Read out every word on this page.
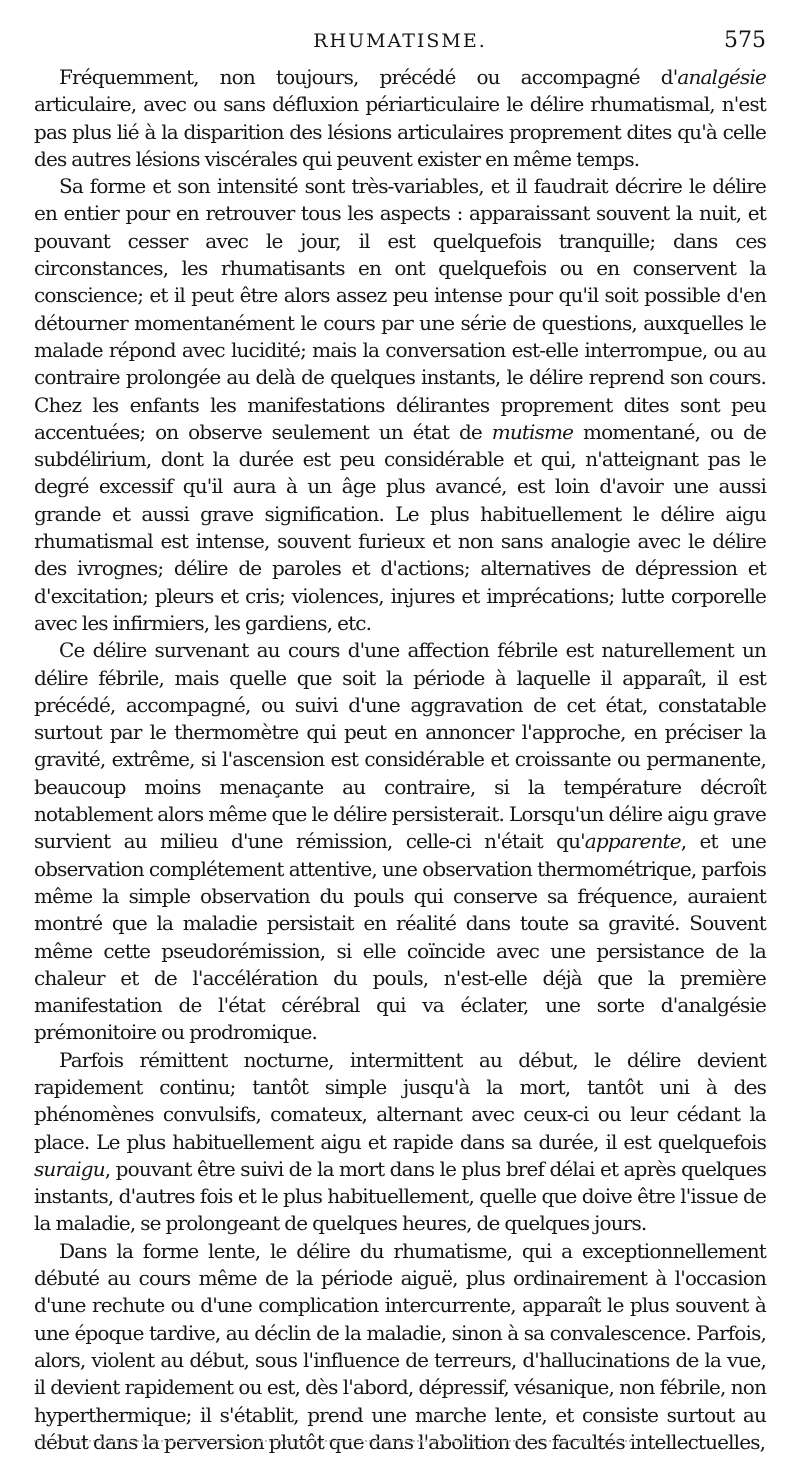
RHUMATISME.	575

Fréquemment, non toujours, précédé ou accompagné d'analgésie articulaire, avec ou sans défluxion périarticulaire le délire rhumatismal, n'est pas plus lié à la disparition des lésions articulaires proprement dites qu'à celle des autres lésions viscérales qui peuvent exister en même temps.

Sa forme et son intensité sont très-variables, et il faudrait décrire le délire en entier pour en retrouver tous les aspects : apparaissant souvent la nuit, et pouvant cesser avec le jour, il est quelquefois tranquille; dans ces circonstances, les rhumatisants en ont quelquefois ou en conservent la conscience; et il peut être alors assez peu intense pour qu'il soit possible d'en détourner momentanément le cours par une série de questions, auxquelles le malade répond avec lucidité; mais la conversation est-elle interrompue, ou au contraire prolongée au delà de quelques instants, le délire reprend son cours. Chez les enfants les manifestations délirantes proprement dites sont peu accentuées; on observe seulement un état de mutisme momentané, ou de subdélirium, dont la durée est peu considérable et qui, n'atteignant pas le degré excessif qu'il aura à un âge plus avancé, est loin d'avoir une aussi grande et aussi grave signification. Le plus habituellement le délire aigu rhumatismal est intense, souvent furieux et non sans analogie avec le délire des ivrognes; délire de paroles et d'actions; alternatives de dépression et d'excitation; pleurs et cris; violences, injures et imprécations; lutte corporelle avec les infirmiers, les gardiens, etc.

Ce délire survenant au cours d'une affection fébrile est naturellement un délire fébrile, mais quelle que soit la période à laquelle il apparaît, il est précédé, accompagné, ou suivi d'une aggravation de cet état, constatable surtout par le thermomètre qui peut en annoncer l'approche, en préciser la gravité, extrême, si l'ascension est considérable et croissante ou permanente, beaucoup moins menaçante au contraire, si la température décroît notablement alors même que le délire persisterait. Lorsqu'un délire aigu grave survient au milieu d'une rémission, celle-ci n'était qu'apparente, et une observation complétement attentive, une observation thermométrique, parfois même la simple observation du pouls qui conserve sa fréquence, auraient montré que la maladie persistait en réalité dans toute sa gravité. Souvent même cette pseudorémission, si elle coïncide avec une persistance de la chaleur et de l'accélération du pouls, n'est-elle déjà que la première manifestation de l'état cérébral qui va éclater, une sorte d'analgésie prémonitoire ou prodromique.

Parfois rémittent nocturne, intermittent au début, le délire devient rapidement continu; tantôt simple jusqu'à la mort, tantôt uni à des phénomènes convulsifs, comateux, alternant avec ceux-ci ou leur cédant la place. Le plus habituellement aigu et rapide dans sa durée, il est quelquefois suraigu, pouvant être suivi de la mort dans le plus bref délai et après quelques instants, d'autres fois et le plus habituellement, quelle que doive être l'issue de la maladie, se prolongeant de quelques heures, de quelques jours.

Dans la forme lente, le délire du rhumatisme, qui a exceptionnellement débuté au cours même de la période aiguë, plus ordinairement à l'occasion d'une rechute ou d'une complication intercurrente, apparaît le plus souvent à une époque tardive, au déclin de la maladie, sinon à sa convalescence. Parfois, alors, violent au début, sous l'influence de terreurs, d'hallucinations de la vue, il devient rapidement ou est, dès l'abord, dépressif, vésanique, non fébrile, non hyperthermique; il s'établit, prend une marche lente, et consiste surtout au début dans la perversion plutôt que dans l'abolition des facultés intellectuelles,
